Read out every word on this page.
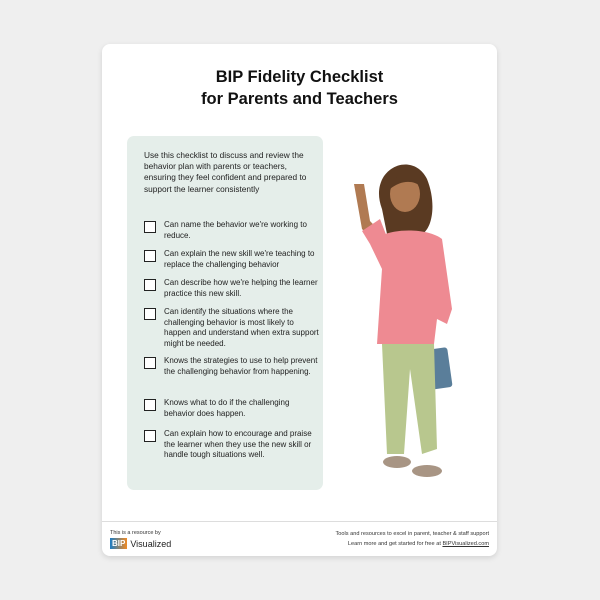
BIP Fidelity Checklist
for Parents and Teachers
Use this checklist to discuss and review the behavior plan with parents or teachers, ensuring they feel confident and prepared to support the learner consistently
Can name the behavior we're working to reduce.
Can explain the new skill we're teaching to replace the challenging behavior
Can describe how we're helping the learner practice this new skill.
Can identify the situations where the challenging behavior is most likely to happen and understand when extra support might be needed.
Knows the strategies to use to help prevent the challenging behavior from happening.
Knows what to do if the challenging behavior does happen.
Can explain how to encourage and praise the learner when they use the new skill or handle tough situations well.
This is a resource by
BIP Visualized
Tools and resources to excel in parent, teacher & staff support
Learn more and get started for free at BIPVisualized.com
